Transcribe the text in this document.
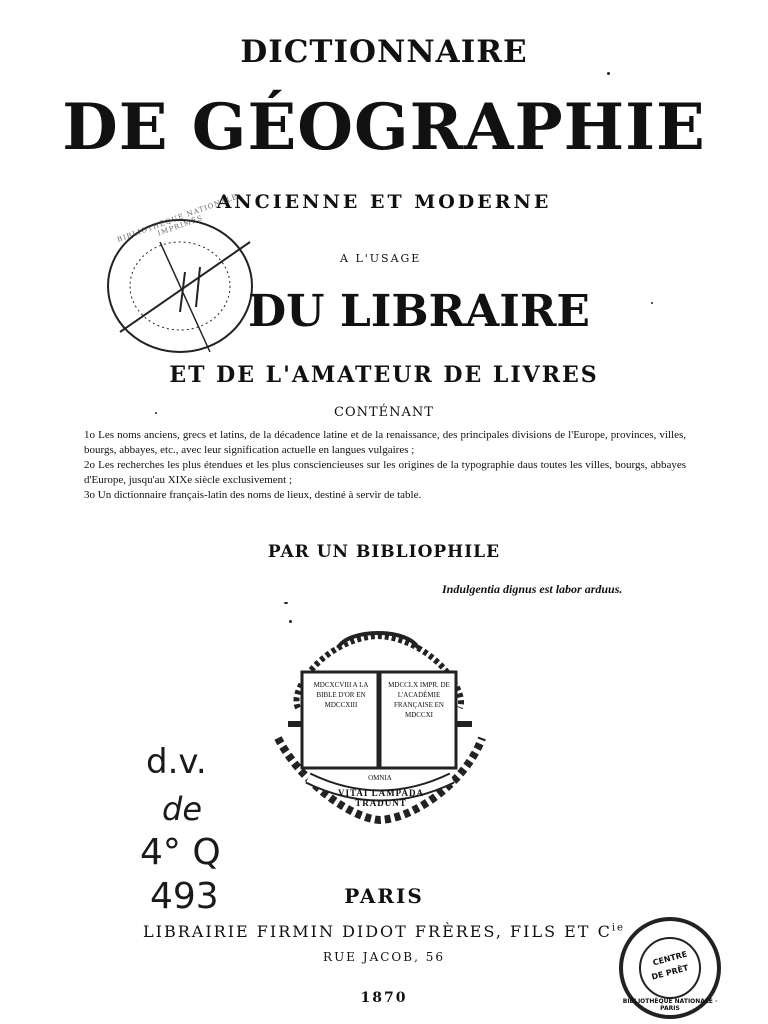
DICTIONNAIRE
DE GÉOGRAPHIE
ANCIENNE ET MODERNE
A L'USAGE
DU LIBRAIRE
ET DE L'AMATEUR DE LIVRES
CONTÉNANT

1o Les noms anciens, grecs et latins, de la décadence latine et de la renaissance, des principales divisions de l'Europe, provinces, villes, bourgs, abbayes, etc., avec leur signification actuelle en langues vulgaires ;

2o Les recherches les plus étendues et les plus consciencieuses sur les origines de la typographie daus toutes les villes, bourgs, abbayes d'Europe, jusqu'au XIXe siècle exclusivement ;

3o Un dictionnaire français-latin des noms de lieux, destiné à servir de table.

PAR UN BIBLIOPHILE
Indulgentia dignus est labor arduus.
BIBLIOTHÈQUE NATIONALE IMPRIMÉS
MDCXCVIII A LA BIBLE D'OR EN MDCCXIII
MDCCLX IMPR. DE L'ACADÉMIE FRANÇAISE EN MDCCXI
OMNIA
VITAI LAMPADA TRADUNT
d.v.
de
4° Q
493	PARIS
LIBRAIRIE FIRMIN DIDOT FRÈRES, FILS ET $C^{ie}$
RUE JACOB, 56
1870	BIBLIOTHÈQUE NATIONALE · PARIS
CENTRE
DE PRÊT
